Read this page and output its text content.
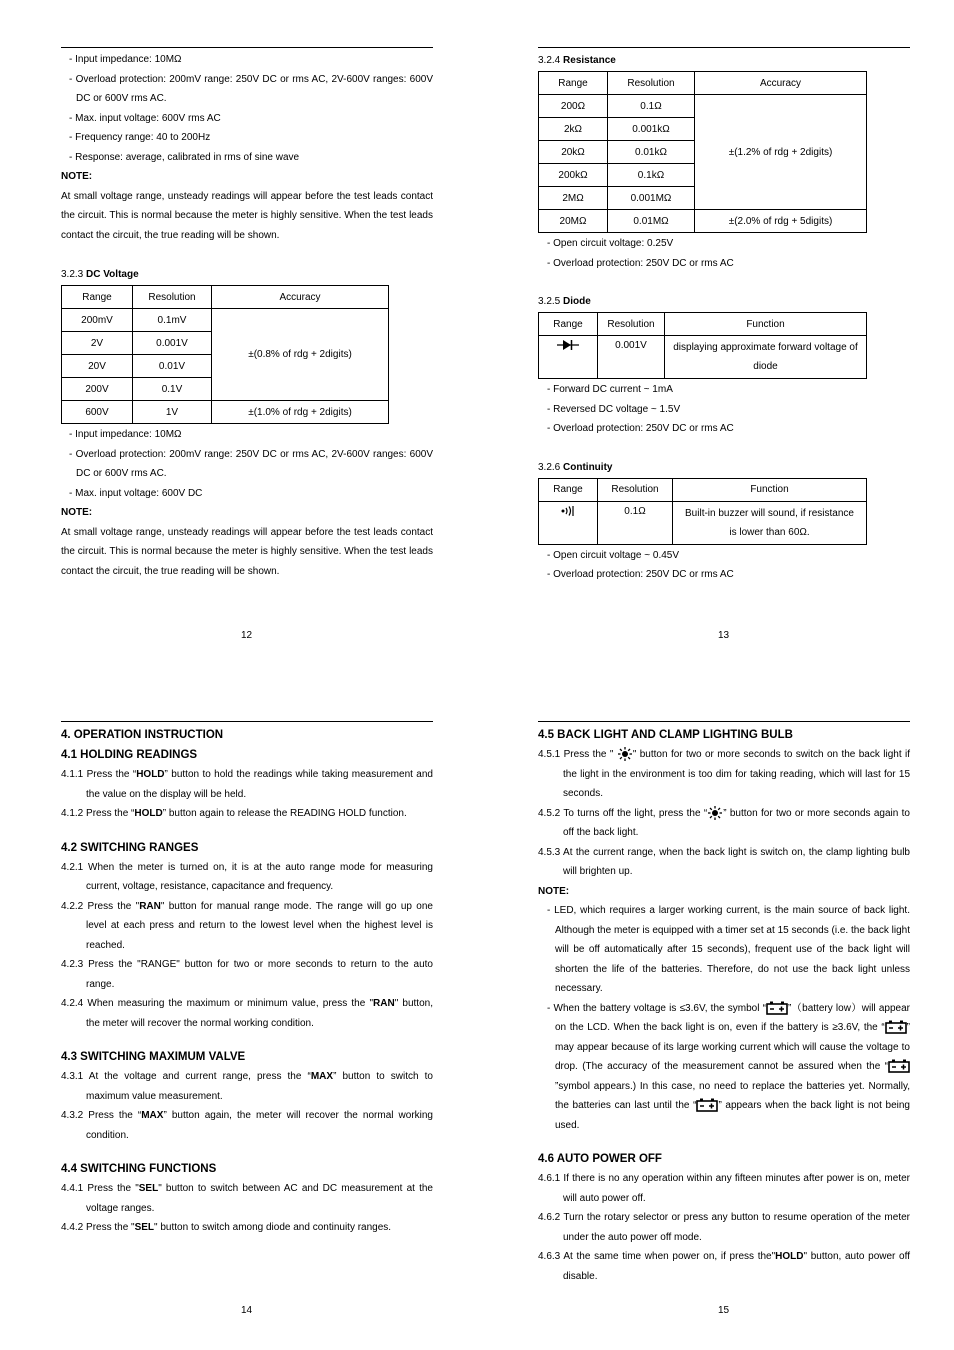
- Input impedance: 10MΩ
- Overload protection: 200mV range: 250V DC or rms AC, 2V-600V ranges: 600V DC or 600V rms AC.
- Max. input voltage: 600V rms AC
- Frequency range: 40 to 200Hz
- Response: average, calibrated in rms of sine wave
NOTE:
At small voltage range, unsteady readings will appear before the test leads contact the circuit. This is normal because the meter is highly sensitive. When the test leads contact the circuit, the true reading will be shown.
3.2.3 DC Voltage
Range	Resolution	Accuracy
200mV	0.1mV	±(0.8% of rdg + 2digits)
2V	0.001V	
20V	0.01V	
200V	0.1V	
600V	1V	±(1.0% of rdg + 2digits)
- Input impedance: 10MΩ
- Overload protection: 200mV range: 250V DC or rms AC, 2V-600V ranges: 600V DC or 600V rms AC.
- Max. input voltage: 600V DC
NOTE:
At small voltage range, unsteady readings will appear before the test leads contact the circuit. This is normal because the meter is highly sensitive. When the test leads contact the circuit, the true reading will be shown.
12
3.2.4 Resistance
Range	Resolution	Accuracy
200Ω	0.1Ω	±(1.2% of rdg + 2digits)
2kΩ	0.001kΩ	
20kΩ	0.01kΩ	
200kΩ	0.1kΩ	
2MΩ	0.001MΩ	
20MΩ	0.01MΩ	±(2.0% of rdg + 5digits)
- Open circuit voltage: 0.25V
- Overload protection: 250V DC or rms AC
3.2.5 Diode
Range	Resolution	Function
	0.001V	displaying approximate forward voltage of diode
- Forward DC current ~ 1mA
- Reversed DC voltage ~ 1.5V
- Overload protection: 250V DC or rms AC
3.2.6 Continuity
Range	Resolution	Function
	0.1Ω	Built-in buzzer will sound, if resistance is lower than 60Ω.
- Open circuit voltage ~ 0.45V
- Overload protection: 250V DC or rms AC
13
4. OPERATION INSTRUCTION
4.1 HOLDING READINGS
4.1.1 Press the “HOLD” button to hold the readings while taking measurement and the value on the display will be held.
4.1.2 Press the “HOLD” button again to release the READING HOLD function.
4.2 SWITCHING RANGES
4.2.1 When the meter is turned on, it is at the auto range mode for measuring current, voltage, resistance, capacitance and frequency.
4.2.2 Press the "RAN" button for manual range mode. The range will go up one level at each press and return to the lowest level when the highest level is reached.
4.2.3 Press the "RANGE" button for two or more seconds to return to the auto range.
4.2.4 When measuring the maximum or minimum value, press the "RAN" button, the meter will recover the normal working condition.
4.3 SWITCHING MAXIMUM VALVE
4.3.1 At the voltage and current range, press the “MAX” button to switch to maximum value measurement.
4.3.2 Press the “MAX” button again, the meter will recover the normal working condition.
4.4 SWITCHING FUNCTIONS
4.4.1 Press the "SEL" button to switch between AC and DC measurement at the voltage ranges.
4.4.2 Press the "SEL" button to switch among diode and continuity ranges.
14
4.5 BACK LIGHT AND CLAMP LIGHTING BULB
4.5.1 Press the " " button for two or more seconds to switch on the back light if the light in the environment is too dim for taking reading, which will last for 15 seconds.
4.5.2 To turns off the light, press the “ ” button for two or more seconds again to off the back light.
4.5.3 At the current range, when the back light is switch on, the clamp lighting bulb will brighten up.
NOTE:
- LED, which requires a larger working current, is the main source of back light. Although the meter is equipped with a timer set at 15 seconds (i.e. the back light will be off automatically after 15 seconds), frequent use of the back light will shorten the life of the batteries. Therefore, do not use the back light unless necessary.
- When the battery voltage is ≤3.6V, the symbol “ ”（battery low）will appear on the LCD. When the back light is on, even if the battery is ≥3.6V, the “ ” may appear because of its large working current which will cause the voltage to drop. (The accuracy of the measurement cannot be assured when the “”symbol appears.) In this case, no need to replace the batteries yet. Normally, the batteries can last until the “ ” appears when the back light is not being used.
4.6 AUTO POWER OFF
4.6.1 If there is no any operation within any fifteen minutes after power is on, meter will auto power off.
4.6.2 Turn the rotary selector or press any button to resume operation of the meter under the auto power off mode.
4.6.3 At the same time when power on, if press the"HOLD" button, auto power off disable.
15
